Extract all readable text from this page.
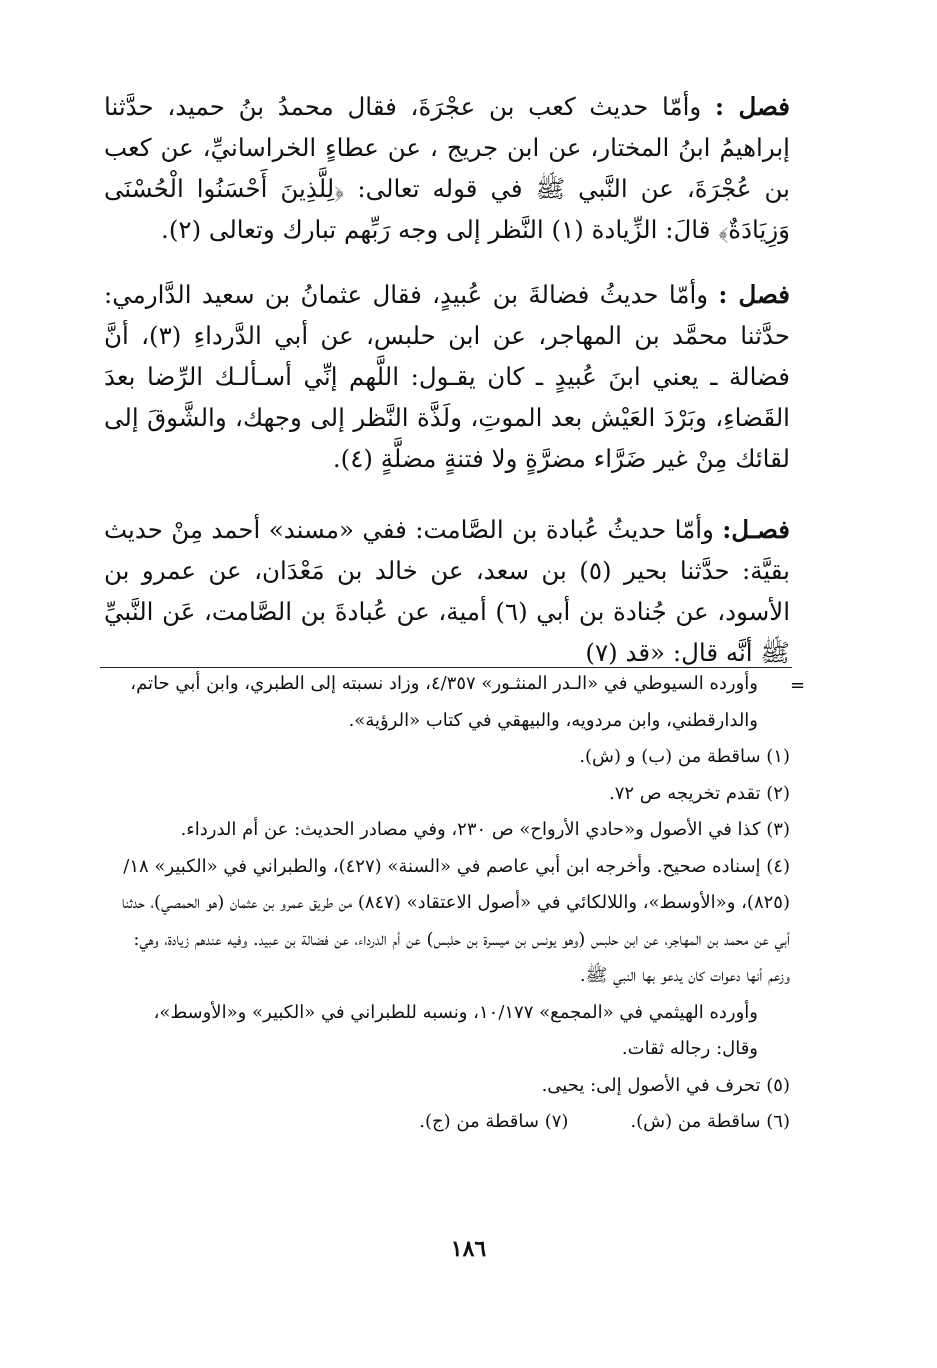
فصل : وأمّا حديث كعب بن عجْرَةَ، فقال محمدُ بنُ حميد، حدَّثنا إبراهيمُ ابنُ المختار، عن ابن جريج ، عن عطاءٍ الخراسانيِّ، عن كعب بن عُجْرَةَ، عن النَّبي ﷺ في قوله تعالى: ﴿لِلَّذِينَ أَحْسَنُوا الْحُسْنَى وَزِيَادَةٌ﴾ قالَ: الزِّيادة (١) النَّظر إلى وجه رَبِّهم تبارك وتعالى (٢).

فصل : وأمّا حديثُ فضالةَ بن عُبيدٍ، فقال عثمانُ بن سعيد الدَّارمي: حدَّثنا محمَّد بن المهاجر، عن ابن حلبس، عن أبي الدَّرداءِ (٣)، أنَّ فضالة ـ يعني ابنَ عُبيدٍ ـ كان يقـول: اللَّهم إنِّي أسـألـك الرِّضا بعدَ القَضاءِ، وبَرْدَ العَيْش بعد الموتِ، ولَذَّة النَّظر إلى وجهك، والشَّوقَ إلى لقائك مِنْ غير ضَرَّاء مضرَّةٍ ولا فتنةٍ مضلَّةٍ (٤).

فصـل: وأمّا حديثُ عُبادة بن الصَّامت: ففي «مسند» أحمد مِنْ حديث بقيَّة: حدَّثنا بحير (٥) بن سعد، عن خالد بن مَعْدَان، عن عمرو بن الأسود، عن جُنادة بن أبي (٦) أمية، عن عُبادةَ بن الصَّامت، عَن النَّبيِّ ﷺ أنَّه قال: «قد (٧)

=

وأورده السيوطي في «الـدر المنثـور» ٤/٣٥٧، وزاد نسبته إلى الطبري، وابن أبي حاتم، والدارقطني، وابن مردويه، والبيهقي في كتاب «الرؤية».

(١) ساقطة من (ب) و (ش).

(٢) تقدم تخريجه ص ٧٢.

(٣) كذا في الأصول و«حادي الأرواح» ص ٢٣٠، وفي مصادر الحديث: عن أم الدرداء.

(٤) إسناده صحيح. وأخرجه ابن أبي عاصم في «السنة» (٤٢٧)، والطبراني في «الكبير» ١٨/ (٨٢٥)، و«الأوسط»، واللالكائي في «أصول الاعتقاد» (٨٤٧) من طريق عمرو بن عثمان (هو الحمصي)، حدثنا أبي عن محمد بن المهاجر، عن ابن حلبس (وهو يونس بن ميسرة بن حلبس) عن أم الدرداء، عن فضالة بن عبيد. وفيه عندهم زيادة، وهي: وزعم أنها دعوات كان يدعو بها النبي ﷺ.

وأورده الهيثمي في «المجمع» ١٠/١٧٧، ونسبه للطبراني في «الكبير» و«الأوسط»، وقال: رجاله ثقات.

(٥) تحرف في الأصول إلى: يحيى.

(٦) ساقطة من (ش).
(٧) ساقطة من (ج).
١٨٦
